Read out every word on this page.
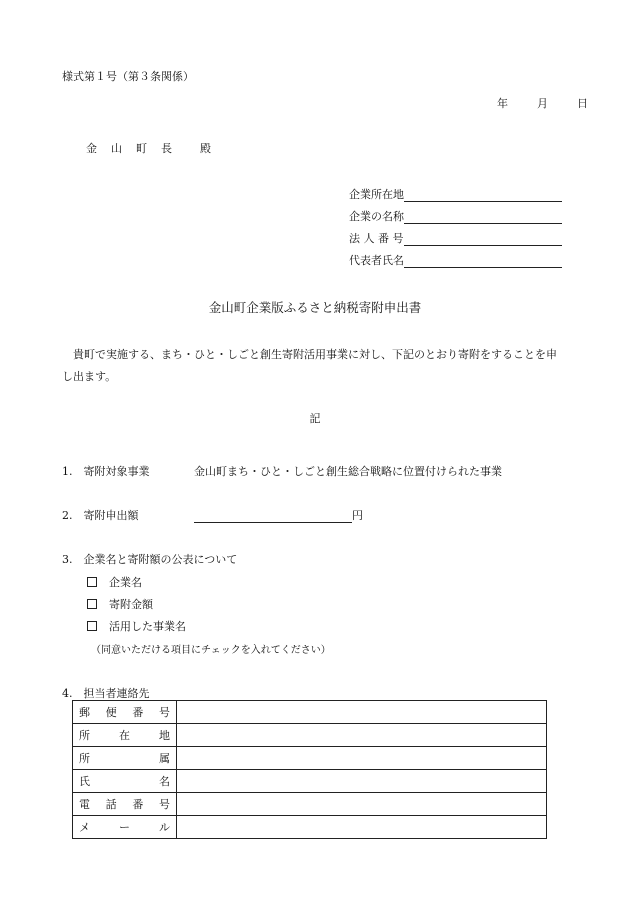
様式第１号（第３条関係）
年	月	日
金 山 町 長	殿
企業所在地
企業の名称
法 人 番 号
代表者氏名
金山町企業版ふるさと納税寄附申出書
貴町で実施する、まち・ひと・しごと創生寄附活用事業に対し、下記のとおり寄附をすることを申
し出ます。
記
1. 寄附対象事業	金山町まち・ひと・しごと創生総合戦略に位置付けられた事業
2. 寄附申出額	円
3. 企業名と寄附額の公表について
企業名
寄附金額
活用した事業名
（同意いただける項目にチェックを入れてください）
4. 担当者連絡先
郵 便 番 号	

所 在 地	

所 属	

氏 名	

電 話 番 号	

メ ー ル	
